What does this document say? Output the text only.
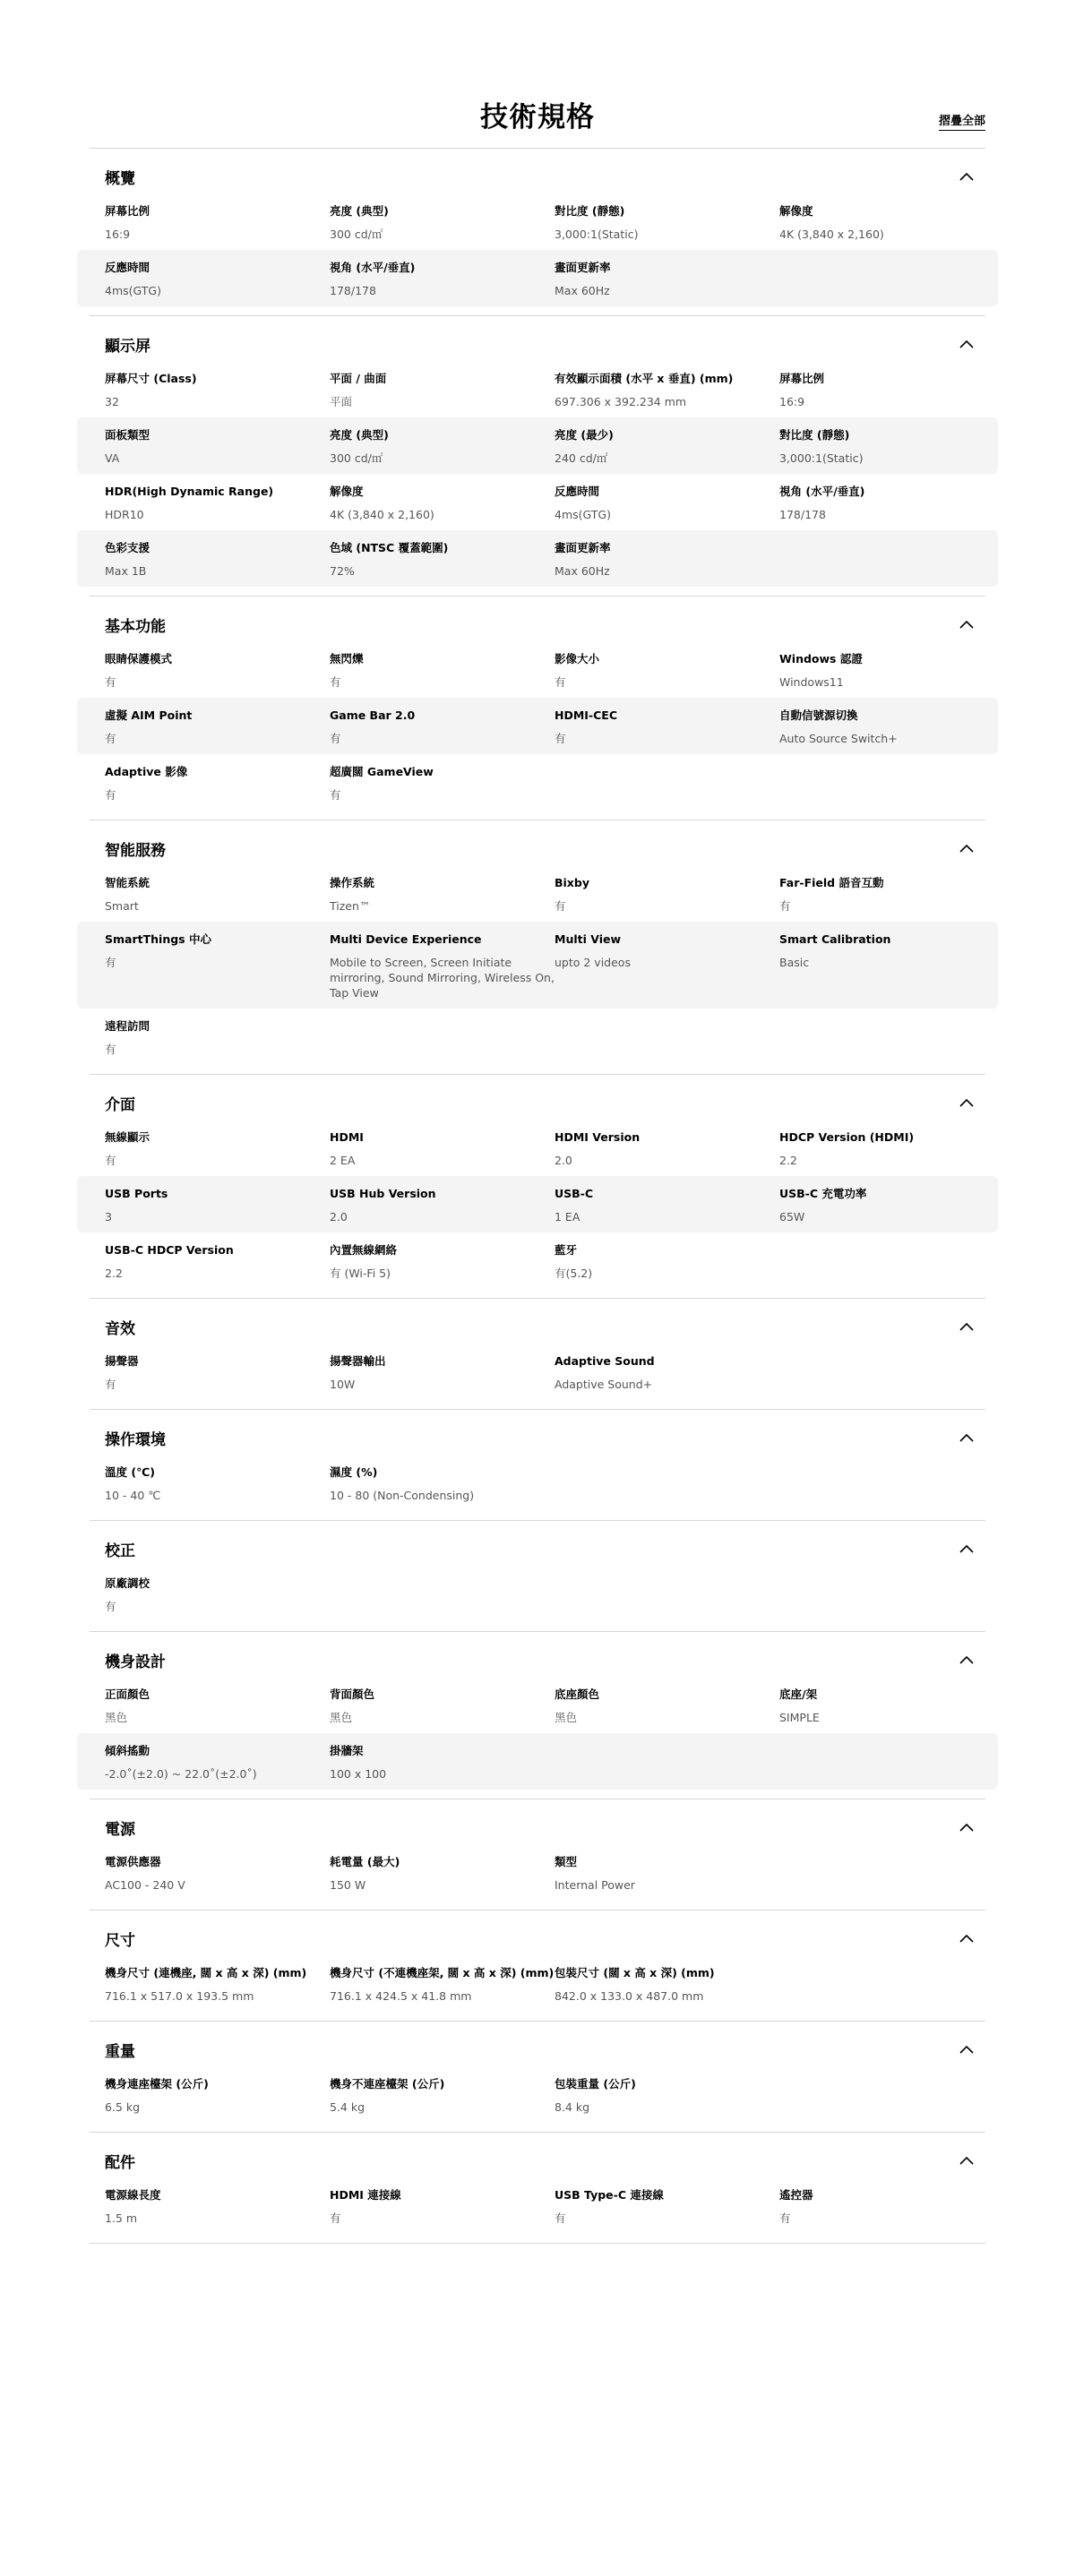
技術規格	摺疊全部
概覽
屏幕比例
16:9
亮度 (典型)
300 cd/㎡
對比度 (靜態)
3,000:1(Static)
解像度
4K (3,840 x 2,160)
反應時間
4ms(GTG)
視角 (水平/垂直)
178/178
畫面更新率
Max 60Hz
顯示屏
屏幕尺寸 (Class)
32
平面 / 曲面
平面
有效顯示面積 (水平 x 垂直) (mm)
697.306 x 392.234 mm
屏幕比例
16:9
面板類型
VA
亮度 (典型)
300 cd/㎡
亮度 (最少)
240 cd/㎡
對比度 (靜態)
3,000:1(Static)
HDR(High Dynamic Range)
HDR10
解像度
4K (3,840 x 2,160)
反應時間
4ms(GTG)
視角 (水平/垂直)
178/178
色彩支援
Max 1B
色域 (NTSC 覆蓋範圍)
72%
畫面更新率
Max 60Hz
基本功能
眼睛保護模式
有
無閃爍
有
影像大小
有
Windows 認證
Windows11
虛擬 AIM Point
有
Game Bar 2.0
有
HDMI-CEC
有
自動信號源切換
Auto Source Switch+
Adaptive 影像
有
超廣闊 GameView
有
智能服務
智能系統
Smart
操作系統
Tizen™
Bixby
有
Far-Field 語音互動
有
SmartThings 中心
有
Multi Device Experience
Mobile to Screen, Screen Initiate mirroring, Sound Mirroring, Wireless On, Tap View
Multi View
upto 2 videos
Smart Calibration
Basic
遠程訪問
有
介面
無線顯示
有
HDMI
2 EA
HDMI Version
2.0
HDCP Version (HDMI)
2.2
USB Ports
3
USB Hub Version
2.0
USB-C
1 EA
USB-C 充電功率
65W
USB-C HDCP Version
2.2
內置無線網絡
有 (Wi-Fi 5)
藍牙
有(5.2)
音效
揚聲器
有
揚聲器輸出
10W
Adaptive Sound
Adaptive Sound+
操作環境
溫度 (℃)
10 - 40 ℃
濕度 (%)
10 - 80 (Non-Condensing)
校正
原廠調校
有
機身設計
正面顏色
黑色
背面顏色
黑色
底座顏色
黑色
底座/架
SIMPLE
傾斜搖動
-2.0˚(±2.0) ~ 22.0˚(±2.0˚)
掛牆架
100 x 100
電源
電源供應器
AC100 - 240 V
耗電量 (最大)
150 W
類型
Internal Power
尺寸
機身尺寸 (連機座, 闊 x 高 x 深) (mm)
716.1 x 517.0 x 193.5 mm
機身尺寸 (不連機座架, 闊 x 高 x 深) (mm)
716.1 x 424.5 x 41.8 mm
包裝尺寸 (闊 x 高 x 深) (mm)
842.0 x 133.0 x 487.0 mm
重量
機身連座檯架 (公斤)
6.5 kg
機身不連座檯架 (公斤)
5.4 kg
包裝重量 (公斤)
8.4 kg
配件
電源線長度
1.5 m
HDMI 連接線
有
USB Type-C 連接線
有
遙控器
有
